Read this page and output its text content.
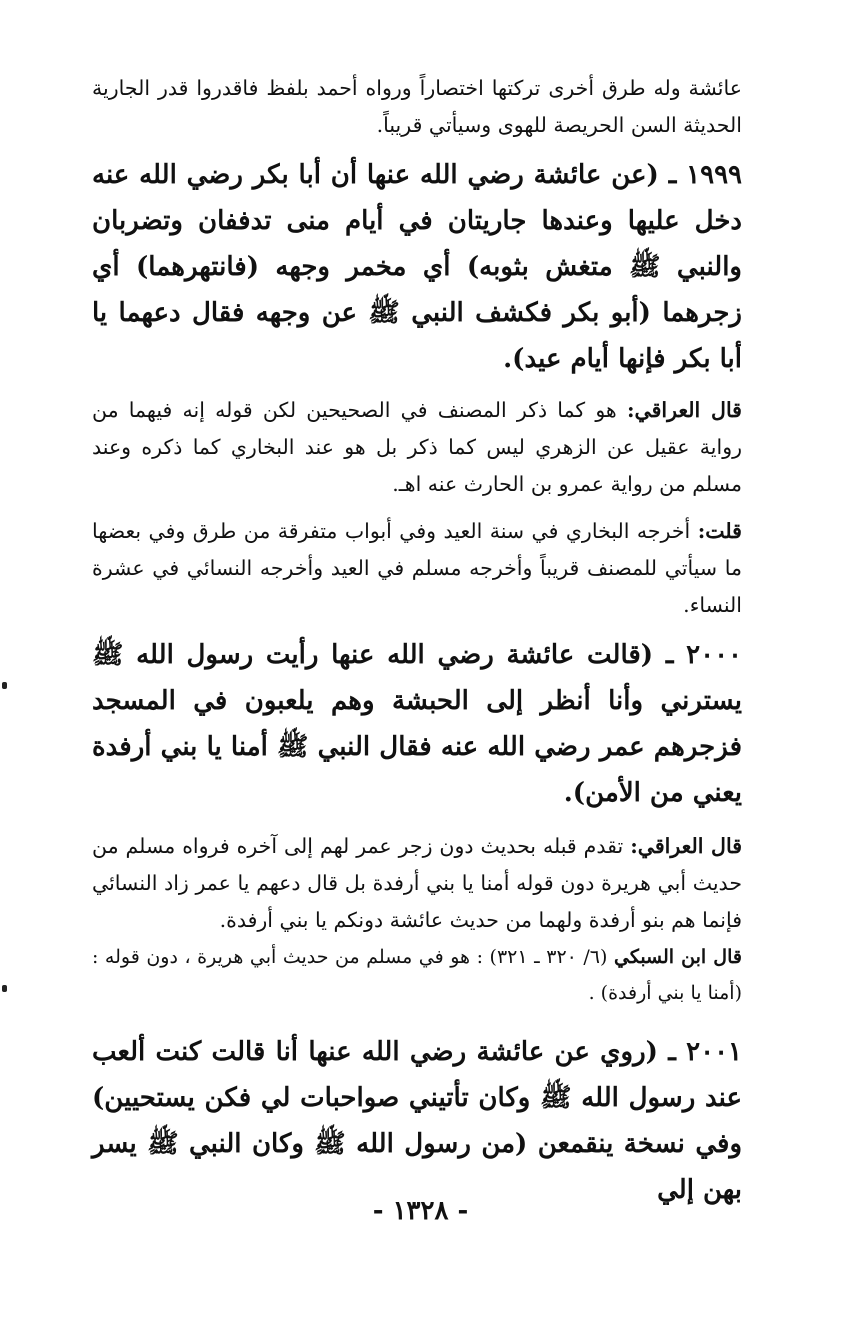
عائشة وله طرق أخرى تركتها اختصاراً ورواه أحمد بلفظ فاقدروا قدر الجارية الحديثة السن الحريصة للهوى وسيأتي قريباً.

١٩٩٩ ـ (عن عائشة رضي الله عنها أن أبا بكر رضي الله عنه دخل عليها وعندها جاريتان في أيام منى تدففان وتضربان والنبي ﷺ متغش بثوبه) أي مخمر وجهه (فانتهرهما) أي زجرهما (أبو بكر فكشف النبي ﷺ عن وجهه فقال دعهما يا أبا بكر فإنها أيام عيد).

قال العراقي: هو كما ذكر المصنف في الصحيحين لكن قوله إنه فيهما من رواية عقيل عن الزهري ليس كما ذكر بل هو عند البخاري كما ذكره وعند مسلم من رواية عمرو بن الحارث عنه اهـ.

قلت: أخرجه البخاري في سنة العيد وفي أبواب متفرقة من طرق وفي بعضها ما سيأتي للمصنف قريباً وأخرجه مسلم في العيد وأخرجه النسائي في عشرة النساء.

٢٠٠٠ ـ (قالت عائشة رضي الله عنها رأيت رسول الله ﷺ يسترني وأنا أنظر إلى الحبشة وهم يلعبون في المسجد فزجرهم عمر رضي الله عنه فقال النبي ﷺ أمنا يا بني أرفدة يعني من الأمن).

قال العراقي: تقدم قبله بحديث دون زجر عمر لهم إلى آخره فرواه مسلم من حديث أبي هريرة دون قوله أمنا يا بني أرفدة بل قال دعهم يا عمر زاد النسائي فإنما هم بنو أرفدة ولهما من حديث عائشة دونكم يا بني أرفدة.

قال ابن السبكي (٦/ ٣٢٠ ـ ٣٢١) : هو في مسلم من حديث أبي هريرة ، دون قوله : (أمنا يا بني أرفدة) .

٢٠٠١ ـ (روي عن عائشة رضي الله عنها أنا قالت كنت ألعب عند رسول الله ﷺ وكان تأتيني صواحبات لي فكن يستحيين) وفي نسخة ينقمعن (من رسول الله ﷺ وكان النبي ﷺ يسر بهن إلي

- ١٣٢٨ -
